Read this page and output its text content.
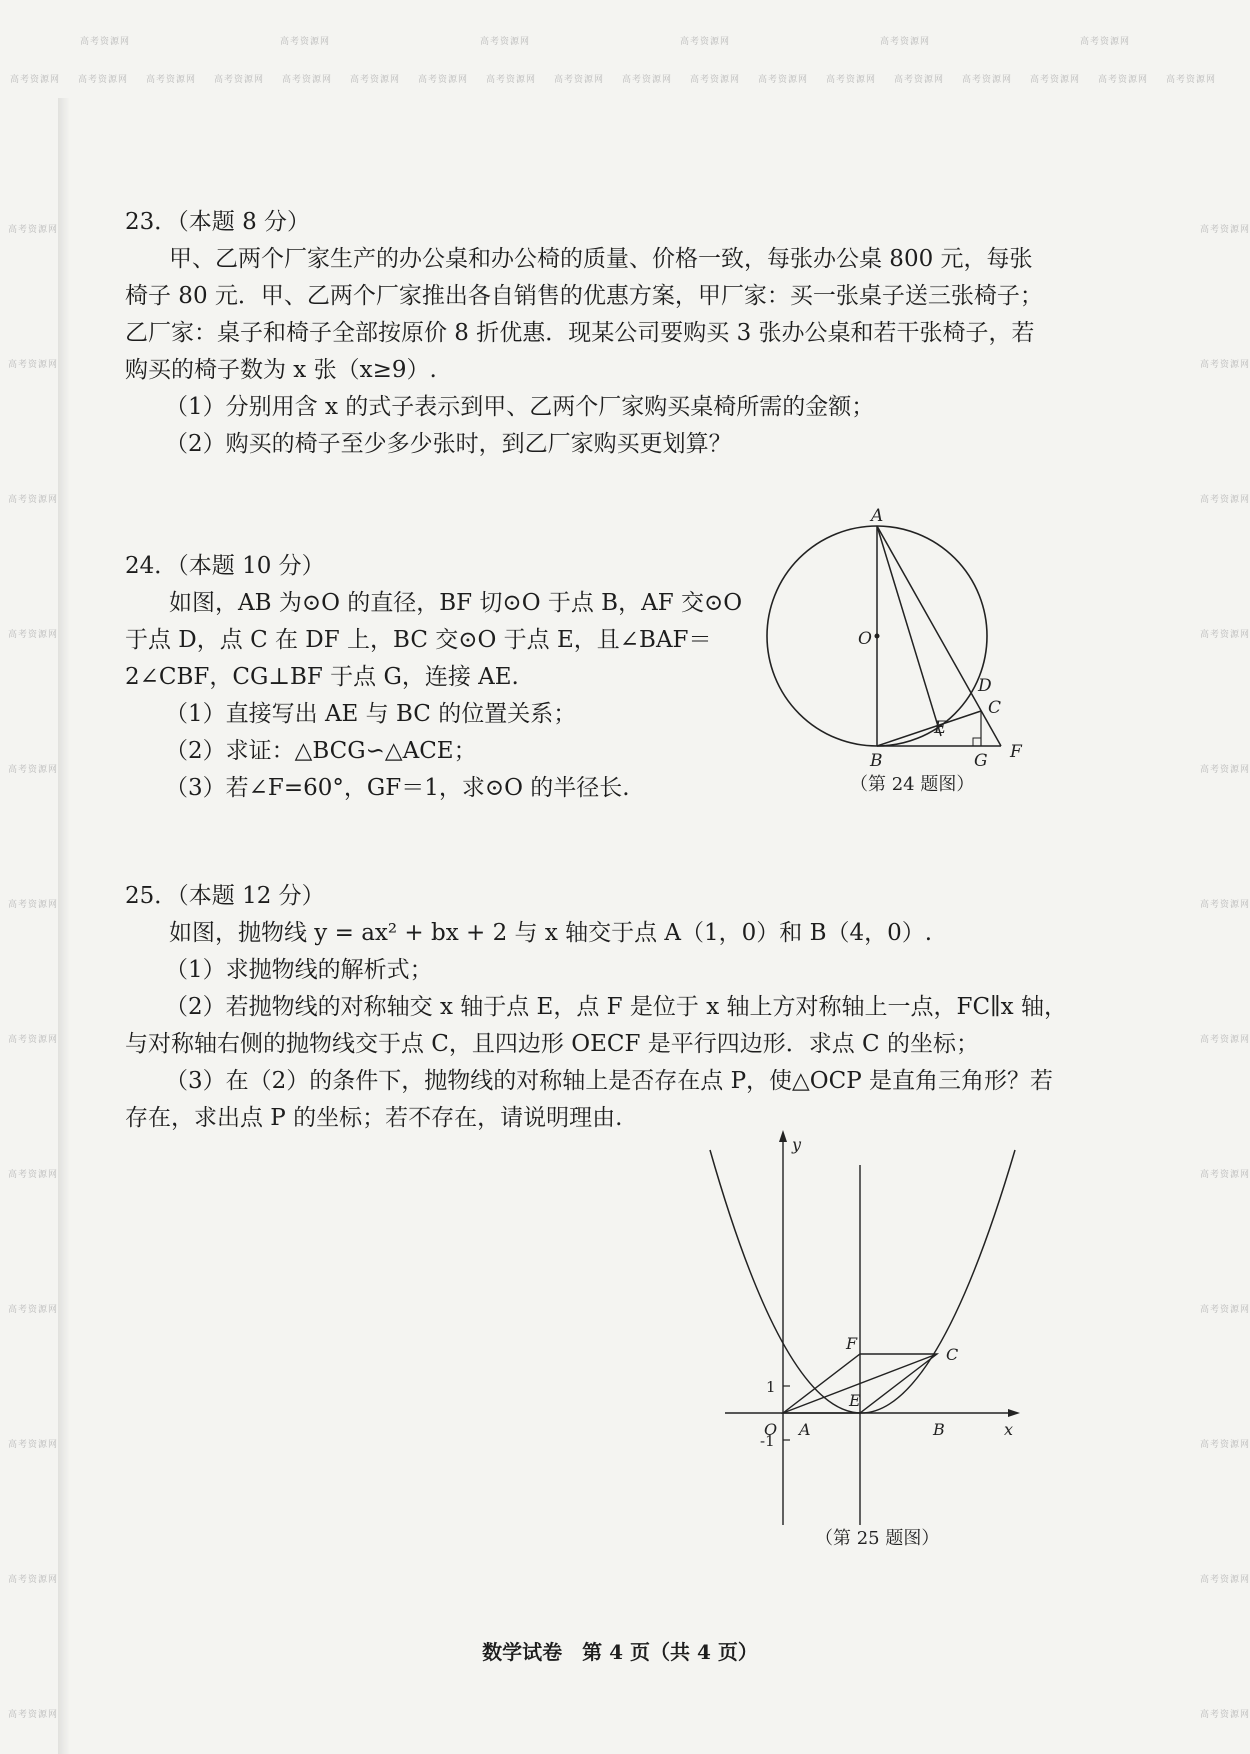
高考资源网 高考资源网 高考资源网 高考资源网 高考资源网 高考资源网 高考资源网 高考资源网 高考资源网 高考资源网 高考资源网 高考资源网 高考资源网 高考资源网 高考资源网 高考资源网 高考资源网 高考资源网
高考资源网	高考资源网	高考资源网	高考资源网	高考资源网	高考资源网
高考资源网	高考资源网
高考资源网	高考资源网
高考资源网	高考资源网
高考资源网	高考资源网
高考资源网	高考资源网
高考资源网	高考资源网
高考资源网	高考资源网
高考资源网	高考资源网
高考资源网	高考资源网
高考资源网	高考资源网
高考资源网	高考资源网
高考资源网	高考资源网
23．（本题 8 分）
甲、乙两个厂家生产的办公桌和办公椅的质量、价格一致，每张办公桌 800 元，每张
椅子 80 元．甲、乙两个厂家推出各自销售的优惠方案，甲厂家：买一张桌子送三张椅子；
乙厂家：桌子和椅子全部按原价 8 折优惠．现某公司要购买 3 张办公桌和若干张椅子，若
购买的椅子数为 x 张（x≥9）.
（1）分别用含 x 的式子表示到甲、乙两个厂家购买桌椅所需的金额；
（2）购买的椅子至少多少张时，到乙厂家购买更划算？
24．（本题 10 分）
如图，AB 为⊙O 的直径，BF 切⊙O 于点 B，AF 交⊙O
于点 D，点 C 在 DF 上，BC 交⊙O 于点 E，且∠BAF＝
2∠CBF，CG⊥BF 于点 G，连接 AE.
（1）直接写出 AE 与 BC 的位置关系；
（2）求证：△BCG∽△ACE；
（3）若∠F=60°，GF＝1，求⊙O 的半径长.
A
O
D
C
E
B	G F
（第 24 题图）
25．（本题 12 分）
如图，抛物线 y = ax² + bx + 2 与 x 轴交于点 A（1，0）和 B（4，0）.
（1）求抛物线的解析式；
（2）若抛物线的对称轴交 x 轴于点 E，点 F 是位于 x 轴上方对称轴上一点，FC∥x 轴，
与对称轴右侧的抛物线交于点 C，且四边形 OECF 是平行四边形．求点 C 的坐标；
（3）在（2）的条件下，抛物线的对称轴上是否存在点 P，使△OCP 是直角三角形？若
存在，求出点 P 的坐标；若不存在，请说明理由.
y
x
O A	B
E
F
C
1
-1
（第 25 题图）
数学试卷　第 4 页（共 4 页）
